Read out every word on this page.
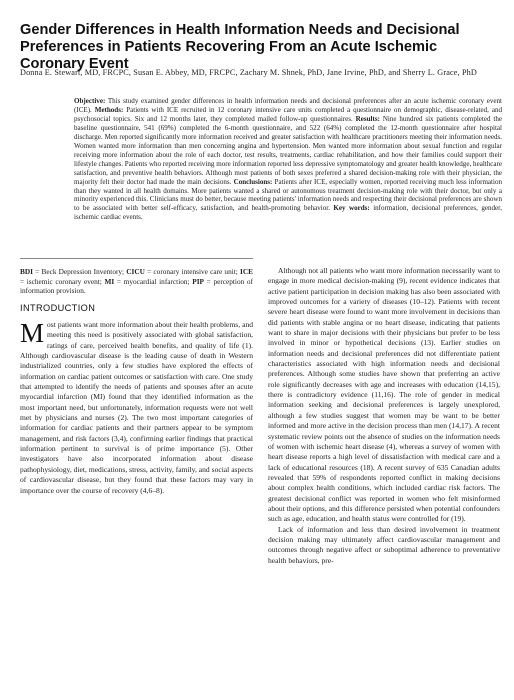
Gender Differences in Health Information Needs and Decisional Preferences in Patients Recovering From an Acute Ischemic Coronary Event
Donna E. Stewart, MD, FRCPC, Susan E. Abbey, MD, FRCPC, Zachary M. Shnek, PhD, Jane Irvine, PhD, and Sherry L. Grace, PhD
Objective: This study examined gender differences in health information needs and decisional preferences after an acute ischemic coronary event (ICE). Methods: Patients with ICE recruited in 12 coronary intensive care units completed a questionnaire on demographic, disease-related, and psychosocial topics. Six and 12 months later, they completed mailed follow-up questionnaires. Results: Nine hundred six patients completed the baseline questionnaire, 541 (69%) completed the 6-month questionnaire, and 522 (64%) completed the 12-month questionnaire after hospital discharge. Men reported significantly more information received and greater satisfaction with healthcare practitioners meeting their information needs. Women wanted more information than men concerning angina and hypertension. Men wanted more information about sexual function and regular receiving more information about the role of each doctor, test results, treatments, cardiac rehabilitation, and how their families could support their lifestyle changes. Patients who reported receiving more information reported less depressive symptomatology and greater health knowledge, healthcare satisfaction, and preventive health behaviors. Although most patients of both sexes preferred a shared decision-making role with their physician, the majority felt their doctor had made the main decisions. Conclusions: Patients after ICE, especially women, reported receiving much less information than they wanted in all health domains. More patients wanted a shared or autonomous treatment decision-making role with their doctor, but only a minority experienced this. Clinicians must do better, because meeting patients' information needs and respecting their decisional preferences are shown to be associated with better self-efficacy, satisfaction, and health-promoting behavior. Key words: information, decisional preferences, gender, ischemic cardiac events.
BDI = Beck Depression Inventory; CICU = coronary intensive care unit; ICE = ischemic coronary event; MI = myocardial infarction; PIP = perception of information provision.
INTRODUCTION

Most patients want more information about their health problems, and meeting this need is positively associated with global satisfaction, ratings of care, perceived health benefits, and quality of life (1). Although cardiovascular disease is the leading cause of death in Western industrialized countries, only a few studies have explored the effects of information on cardiac patient outcomes or satisfaction with care. One study that attempted to identify the needs of patients and spouses after an acute myocardial infarction (MI) found that they identified information as the most important need, but unfortunately, information requests were not well met by physicians and nurses (2). The two most important categories of information for cardiac patients and their partners appear to be symptom management, and risk factors (3,4), confirming earlier findings that practical information pertinent to survival is of prime importance (5). Other investigators have also incorporated information about disease pathophysiology, diet, medications, stress, activity, family, and social aspects of cardiovascular disease, but they found that these factors may vary in importance over the course of recovery (4,6–8).

Although not all patients who want more information necessarily want to engage in more medical decision-making (9), recent evidence indicates that active patient participation in decision making has also been associated with improved outcomes for a variety of diseases (10–12). Patients with recent severe heart disease were found to want more involvement in decisions than did patients with stable angina or no heart disease, indicating that patients want to share in major decisions with their physicians but prefer to be less involved in minor or hypothetical decisions (13). Earlier studies on information needs and decisional preferences did not differentiate patient characteristics associated with high information needs and decisional preferences. Although some studies have shown that preferring an active role significantly decreases with age and increases with education (14,15), there is contradictory evidence (11,16). The role of gender in medical information seeking and decisional preferences is largely unexplored, although a few studies suggest that women may be want to be better informed and more active in the decision process than men (14,17). A recent systematic review points out the absence of studies on the information needs of women with ischemic heart disease (4), whereas a survey of women with heart disease reports a high level of dissatisfaction with medical care and a lack of educational resources (18). A recent survey of 635 Canadian adults revealed that 59% of respondents reported conflict in making decisions about complex health conditions, which included cardiac risk factors. The greatest decisional conflict was reported in women who felt misinformed about their options, and this difference persisted when potential confounders such as age, education, and health status were controlled for (19).

Lack of information and less than desired involvement in treatment decision making may ultimately affect cardiovascular management and outcomes through negative affect or suboptimal adherence to preventative health behaviors, pre-
